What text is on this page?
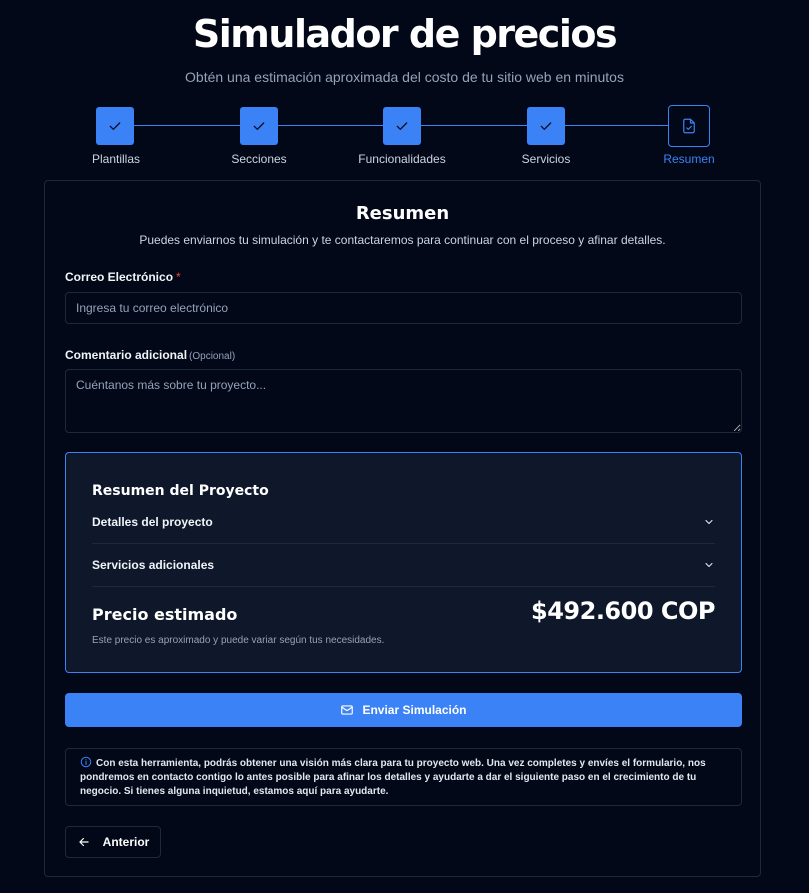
Simulador de precios

Obtén una estimación aproximada del costo de tu sitio web en minutos

Plantillas	Secciones	Funcionalidades	Servicios	Resumen
Resumen

Puedes enviarnos tu simulación y te contactaremos para continuar con el proceso y afinar detalles.

Correo Electrónico *
Ingresa tu correo electrónico
Comentario adicional (Opcional)
Cuéntanos más sobre tu proyecto...
Resumen del Proyecto
Detalles del proyecto
Servicios adicionales
Precio estimado	$492.600 COP

Este precio es aproximado y puede variar según tus necesidades.

Enviar Simulación
Con esta herramienta, podrás obtener una visión más clara para tu proyecto web. Una vez completes y envíes el formulario, nos pondremos en contacto contigo lo antes posible para afinar los detalles y ayudarte a dar el siguiente paso en el crecimiento de tu negocio. Si tienes alguna inquietud, estamos aquí para ayudarte.
Anterior
